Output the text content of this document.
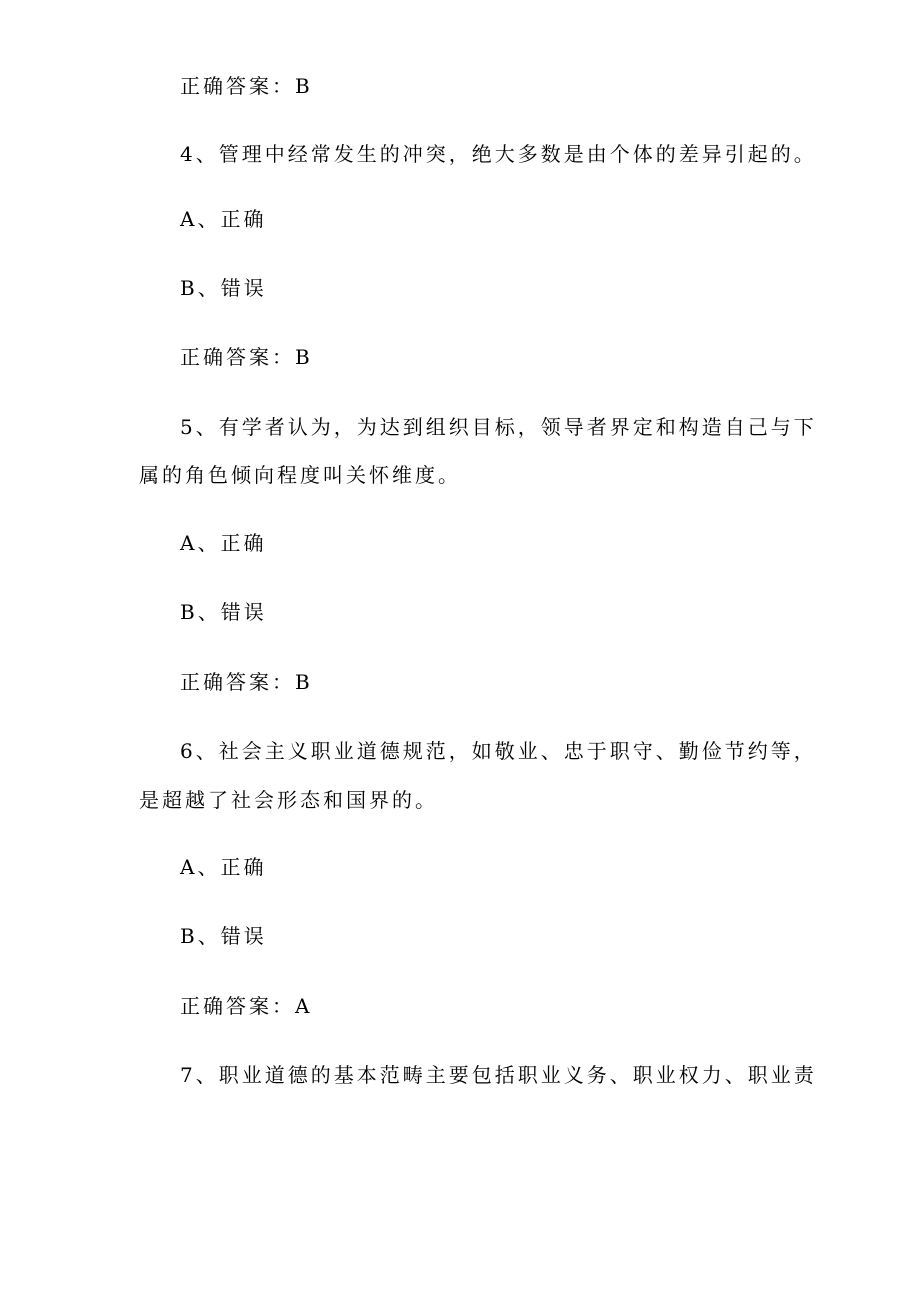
正确答案：B
4、管理中经常发生的冲突，绝大多数是由个体的差异引起的。
A、正确
B、错误
正确答案：B
5、有学者认为，为达到组织目标，领导者界定和构造自己与下
属的角色倾向程度叫关怀维度。
A、正确
B、错误
正确答案：B
6、社会主义职业道德规范，如敬业、忠于职守、勤俭节约等，
是超越了社会形态和国界的。
A、正确
B、错误
正确答案：A
7、职业道德的基本范畴主要包括职业义务、职业权力、职业责
